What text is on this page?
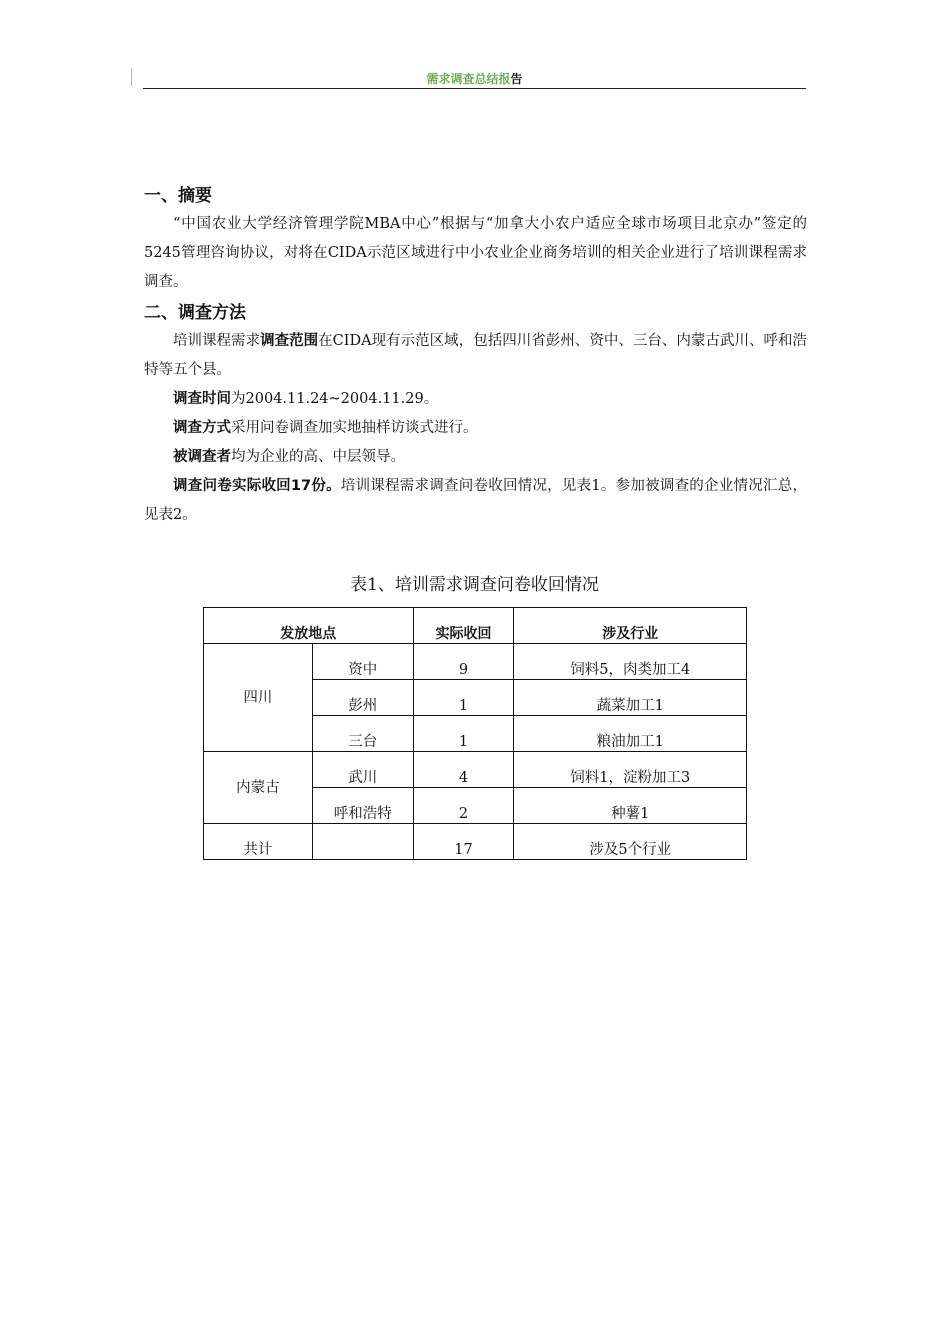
需求调查总结报告
一、摘要

“中国农业大学经济管理学院MBA中心”根据与“加拿大小农户适应全球市场项目北京办”签定的5245管理咨询协议，对将在CIDA示范区域进行中小农业企业商务培训的相关企业进行了培训课程需求调查。

二、调查方法

培训课程需求调查范围在CIDA现有示范区域，包括四川省彭州、资中、三台、内蒙古武川、呼和浩特等五个县。

调查时间为2004.11.24~2004.11.29。

调查方式采用问卷调查加实地抽样访谈式进行。

被调查者均为企业的高、中层领导。

调查问卷实际收回17份。培训课程需求调查问卷收回情况，见表1。参加被调查的企业情况汇总，见表2。

表1、培训需求调查问卷收回情况
发放地点		实际收回	涉及行业
四川	资中	9	饲料5，肉类加工4
	彭州	1	蔬菜加工1
	三台	1	粮油加工1
内蒙古	武川	4	饲料1，淀粉加工3
	呼和浩特	2	种薯1
共计		17	涉及5个行业
